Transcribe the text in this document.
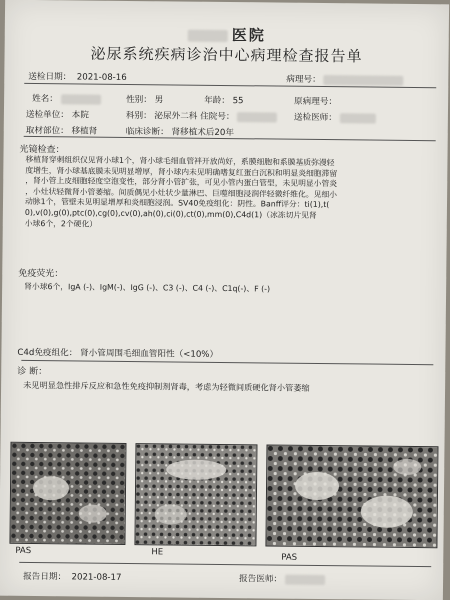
医院
泌尿系统疾病诊治中心病理检查报告单
送检日期： 2021-08-16	病理号：
姓名：	性别： 男	年龄： 55	原病理号：
送检单位： 本院	科别： 泌尿外二科 住院号：	送检医师：
取材部位： 移植肾	临床诊断： 肾移植术后20年
光镜检查：
移植肾穿刺组织仅见肾小球1个，肾小球毛细血管袢开放尚好，系膜细胞和系膜基质弥漫轻
度增生，肾小球基底膜未见明显增厚，肾小球内未见明确嗜复红蛋白沉积和明显炎细胞滞留
，肾小管上皮细胞轻度空泡变性，部分肾小管扩张，可见小管内蛋白管型，未见明显小管炎
，小灶状轻微肾小管萎缩。间质偶见小灶状少量淋巴、巨噬细胞浸润伴轻微纤维化。见细小
动脉1个，管壁未见明显增厚和炎细胞浸润。SV40免疫组化：阴性。Banff评分：ti(1),t(
0),v(0),g(0),ptc(0),cg(0),cv(0),ah(0),ci(0),ct(0),mm(0),C4d(1)（冰冻切片见肾
小球6个，2个硬化）
免疫荧光：
肾小球6个，IgA (-)、IgM(-)、IgG (-)、C3 (-)、C4 (-)、C1q(-)、F (-)
C4d免疫组化： 肾小管周围毛细血管阳性（<10%）
诊 断：
未见明显急性排斥反应和急性免疫抑制剂肾毒，考虑为轻微间质硬化肾小管萎缩
PAS	HE
PAS
报告日期： 2021-08-17	报告医师：
